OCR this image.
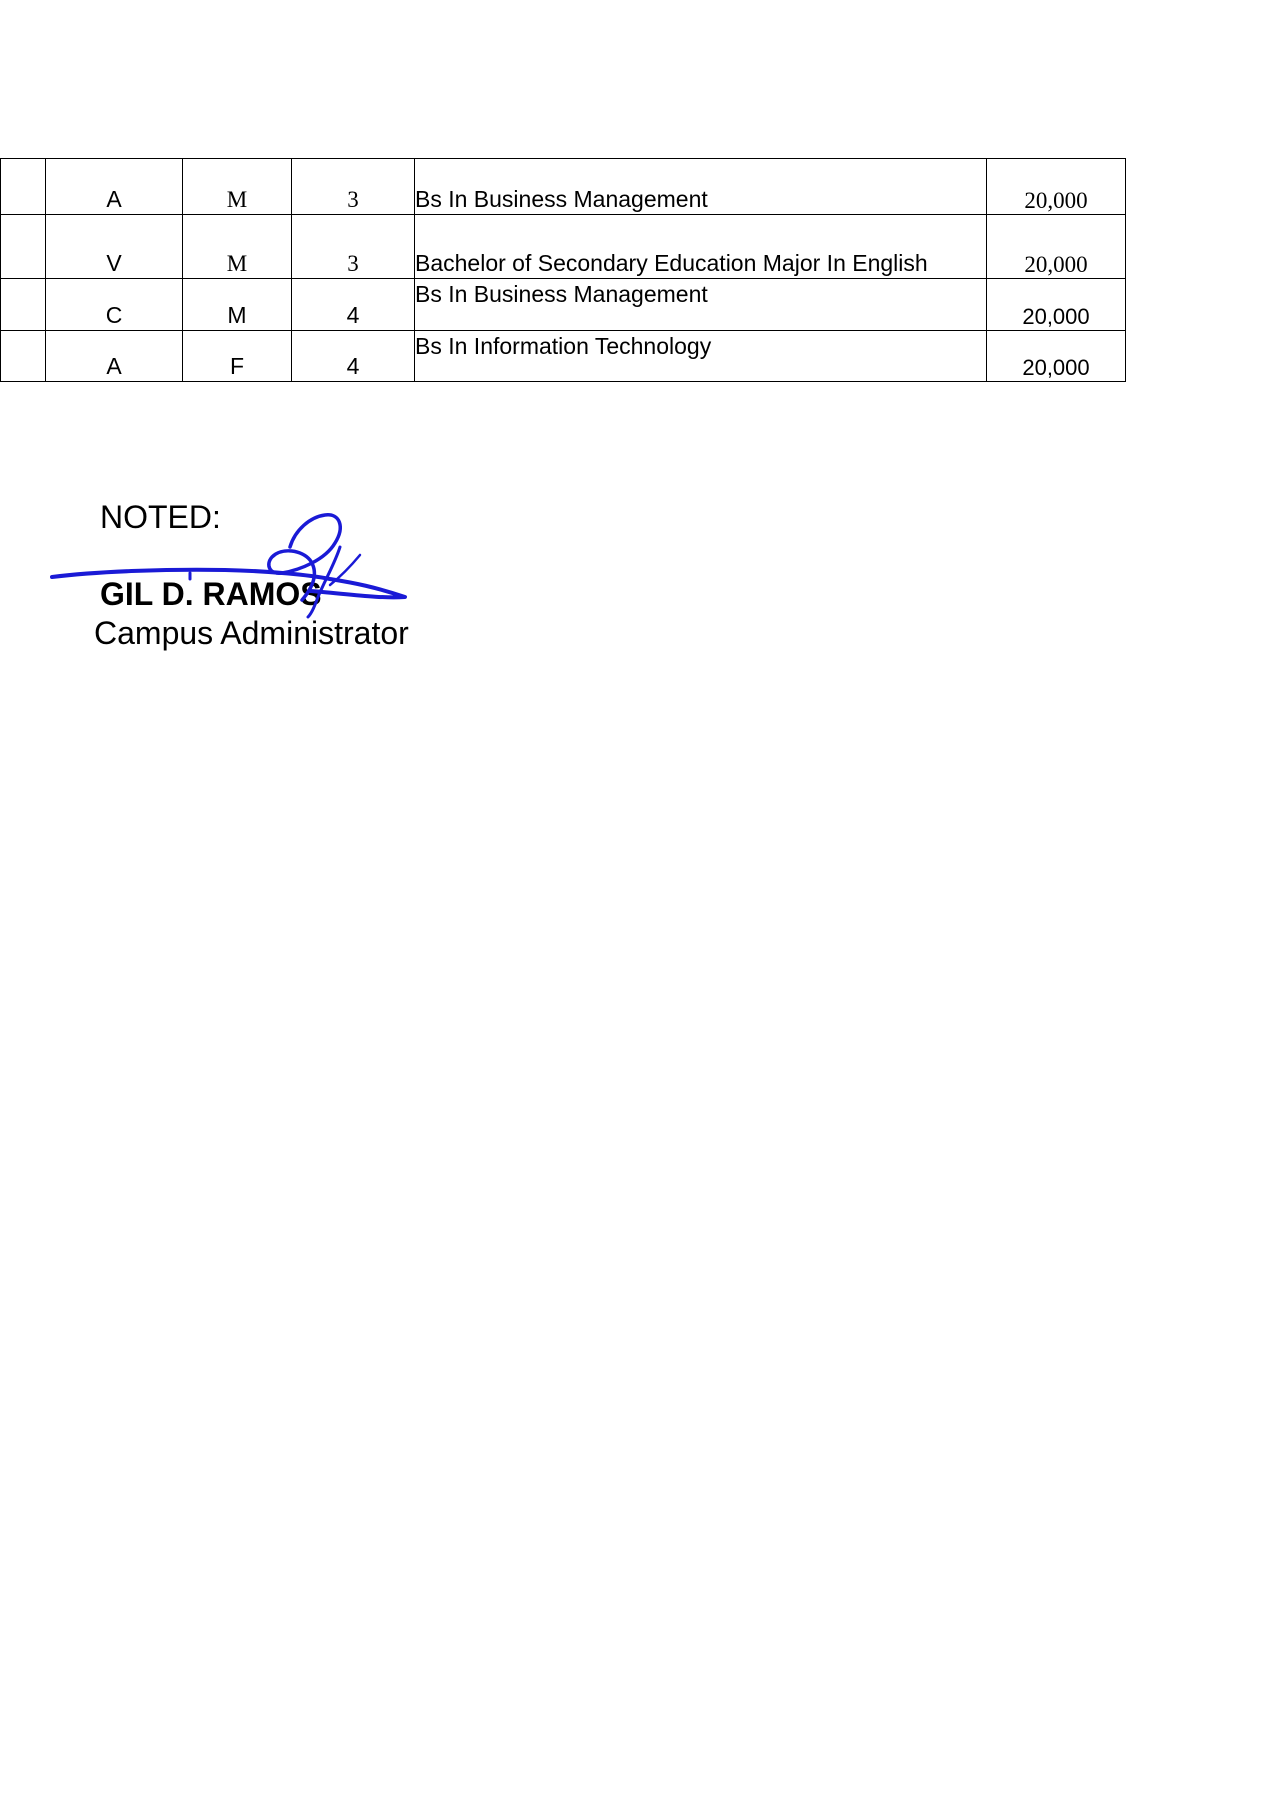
	A	M	3	Bs In Business Management	20,000

	V	M	3	Bachelor of Secondary Education Major In English	20,000

	C	M	4	Bs In Business Management	20,000

	A	F	4	Bs In Information Technology	20,000
NOTED:
GIL D. RAMOS
Campus Administrator
